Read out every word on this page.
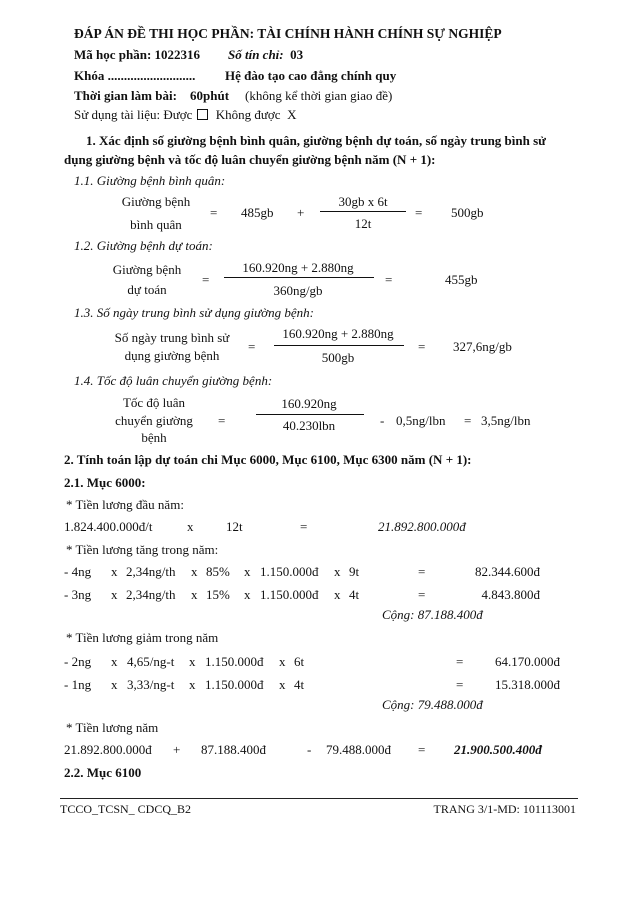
ĐÁP ÁN ĐỀ THI HỌC PHẦN: TÀI CHÍNH HÀNH CHÍNH SỰ NGHIỆP
Mã học phần: 1022316 Số tín chỉ: 03
Khóa ........................... Hệ đào tạo cao đẳng chính quy
Thời gian làm bài: 60phút (không kể thời gian giao đề)
Sử dụng tài liệu: Được Không được X
1. Xác định số giường bệnh bình quân, giường bệnh dự toán, số ngày trung bình sử
dụng giường bệnh và tốc độ luân chuyển giường bệnh năm (N + 1):
1.1. Giường bệnh bình quân:
Giường bệnh
bình quân
= 485gb +
30gb x 6t
12t
= 500gb
1.2. Giường bệnh dự toán:
Giường bệnh
dự toán
=
160.920ng + 2.880ng
360ng/gb
=	455gb
1.3. Số ngày trung bình sử dụng giường bệnh:
Số ngày trung bình sử
dụng giường bệnh
=
160.920ng + 2.880ng
500gb
= 327,6ng/gb
1.4. Tốc độ luân chuyển giường bệnh:
Tốc độ luân
chuyển giường
bệnh
=
160.920ng
40.230lbn	- 0,5ng/lbn = 3,5ng/lbn
2. Tính toán lập dự toán chi Mục 6000, Mục 6100, Mục 6300 năm (N + 1):
2.1. Mục 6000:
* Tiền lương đầu năm:
1.824.400.000đ/t	x	12t	=	21.892.800.000đ
* Tiền lương tăng trong năm:
- 4ng x 2,34ng/th x 85% x 1.150.000đ x 9t	=	82.344.600đ
- 3ng x 2,34ng/th x 15% x 1.150.000đ x 4t	=	4.843.800đ
Cộng: 87.188.400đ
* Tiền lương giảm trong năm
- 2ng x 4,65/ng-t x 1.150.000đ x 6t	=	64.170.000đ
- 1ng x 3,33/ng-t x 1.150.000đ x 4t	=	15.318.000đ
Cộng: 79.488.000đ
* Tiền lương năm
21.892.800.000đ + 87.188.400đ	- 79.488.000đ = 21.900.500.400đ
2.2. Mục 6100
TCCO_TCSN_ CDCQ_B2	TRANG 3/1-MD: 101113001
